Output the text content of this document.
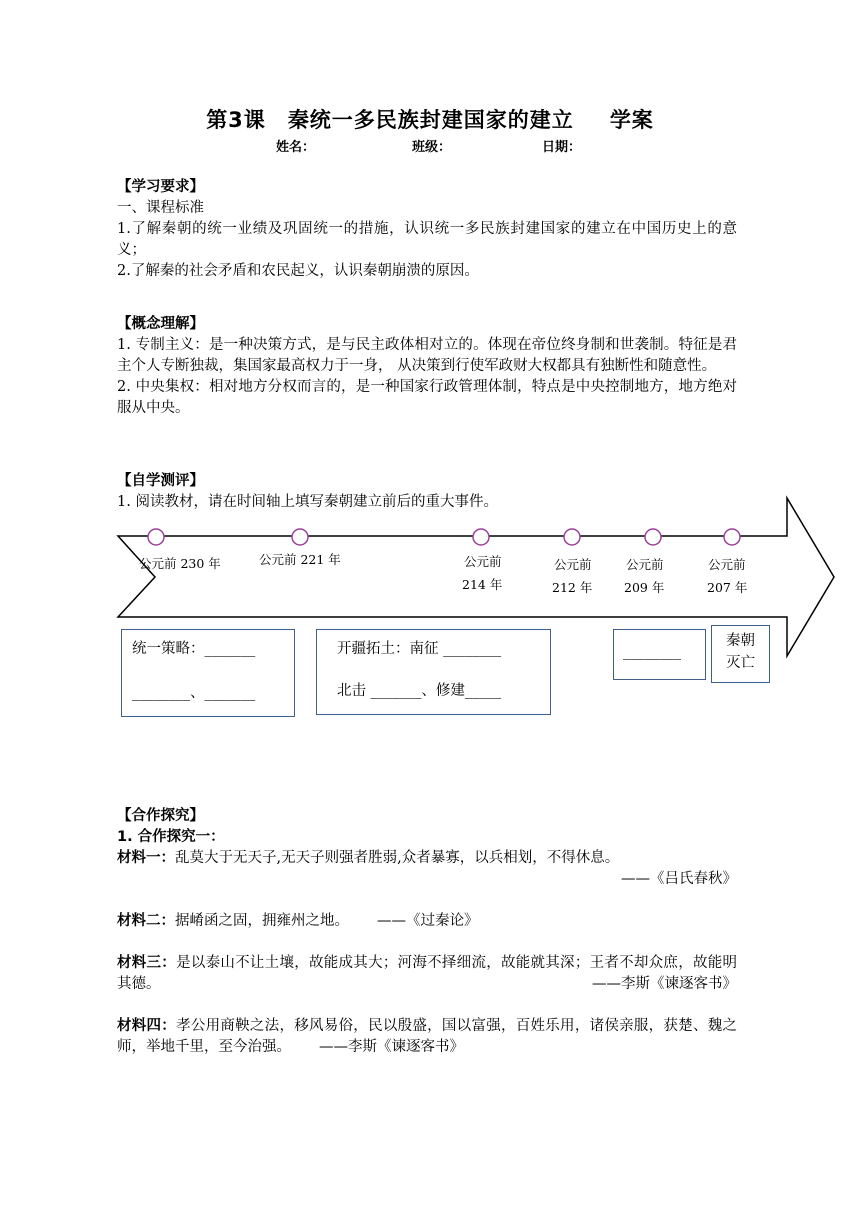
第3课 秦统一多民族封建国家的建立 学案
姓名：	班级：	日期：
【学习要求】
一、课程标准
1.了解秦朝的统一业绩及巩固统一的措施，认识统一多民族封建国家的建立在中国历史上的意义；
2.了解秦的社会矛盾和农民起义，认识秦朝崩溃的原因。
【概念理解】
1. 专制主义：是一种决策方式，是与民主政体相对立的。体现在帝位终身制和世袭制。特征是君主个人专断独裁，集国家最高权力于一身， 从决策到行使军政财大权都具有独断性和随意性。
2. 中央集权：相对地方分权而言的，是一种国家行政管理体制，特点是中央控制地方，地方绝对服从中央。
【自学测评】
1. 阅读教材，请在时间轴上填写秦朝建立前后的重大事件。
公元前 230 年	公元前 221 年	公元前
214 年
公元前
212 年
公元前
209 年
公元前
207 年
统一策略：_______
________、_______
开疆拓土：南征 ________
北击 _______、修建_____
________
秦朝
灭亡
【合作探究】
1. 合作探究一：
材料一：乱莫大于无天子,无天子则强者胜弱,众者暴寡，以兵相划，不得休息。
——《吕氏春秋》
材料二：据崤函之固，拥雍州之地。 ——《过秦论》
材料三：是以泰山不让土壤，故能成其大；河海不择细流，故能就其深；王者不却众庶，故能明其德。	——李斯《谏逐客书》
材料四：孝公用商鞅之法，移风易俗，民以殷盛，国以富强，百姓乐用，诸侯亲服，获楚、魏之师，举地千里，至今治强。 ——李斯《谏逐客书》
